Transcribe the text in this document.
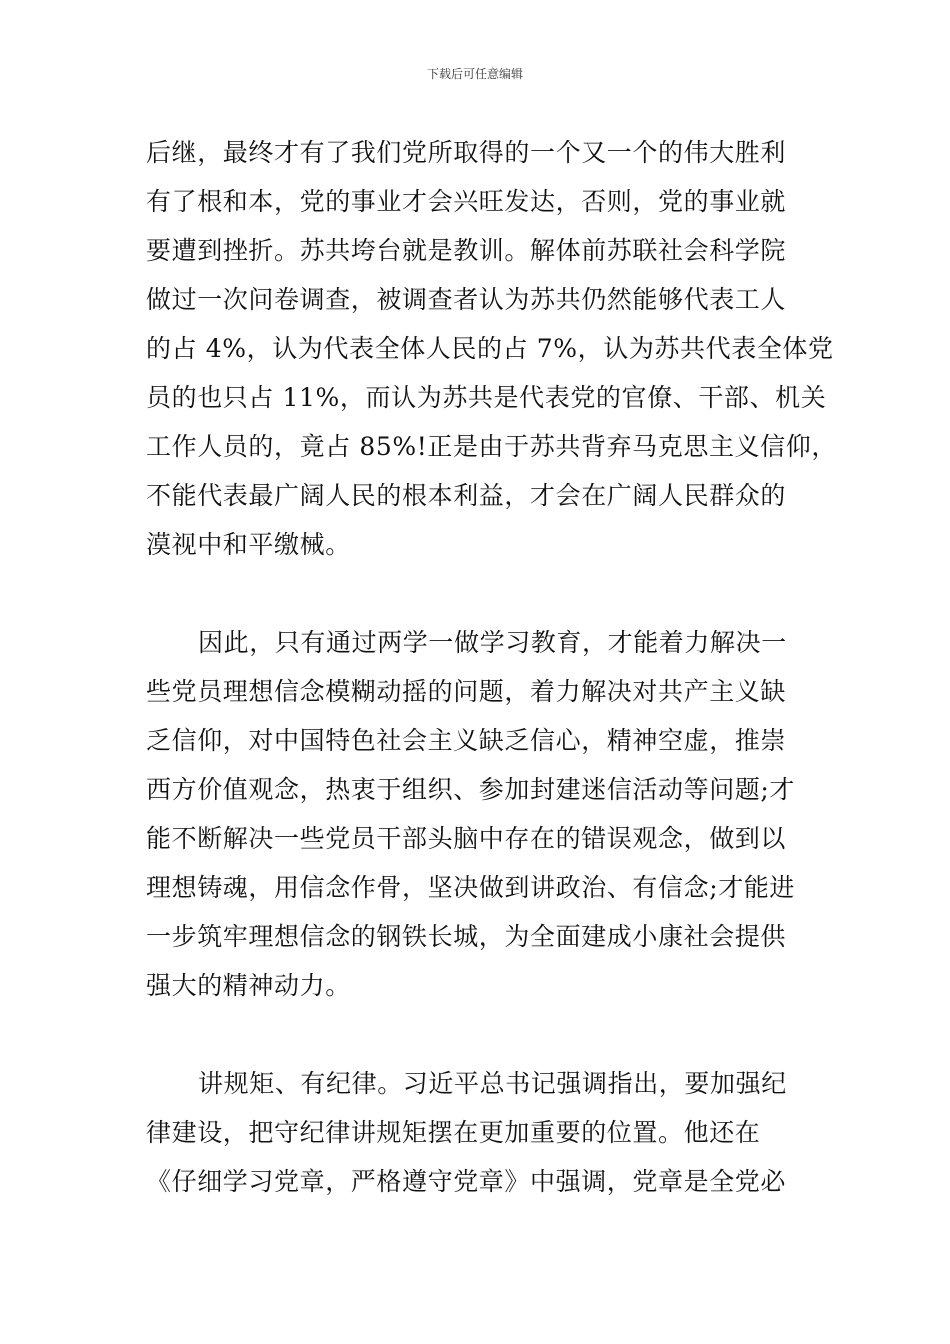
下载后可任意编辑
后继，最终才有了我们党所取得的一个又一个的伟大胜利
有了根和本，党的事业才会兴旺发达，否则，党的事业就
要遭到挫折。苏共垮台就是教训。解体前苏联社会科学院
做过一次问卷调查，被调查者认为苏共仍然能够代表工人
的占 4%，认为代表全体人民的占 7%，认为苏共代表全体党
员的也只占 11%，而认为苏共是代表党的官僚、干部、机关
工作人员的，竟占 85%!正是由于苏共背弃马克思主义信仰，
不能代表最广阔人民的根本利益，才会在广阔人民群众的
漠视中和平缴械。
因此，只有通过两学一做学习教育，才能着力解决一
些党员理想信念模糊动摇的问题，着力解决对共产主义缺
乏信仰，对中国特色社会主义缺乏信心，精神空虚，推崇
西方价值观念，热衷于组织、参加封建迷信活动等问题;才
能不断解决一些党员干部头脑中存在的错误观念，做到以
理想铸魂，用信念作骨，坚决做到讲政治、有信念;才能进
一步筑牢理想信念的钢铁长城，为全面建成小康社会提供
强大的精神动力。
讲规矩、有纪律。习近平总书记强调指出，要加强纪
律建设，把守纪律讲规矩摆在更加重要的位置。他还在
《仔细学习党章，严格遵守党章》中强调，党章是全党必
